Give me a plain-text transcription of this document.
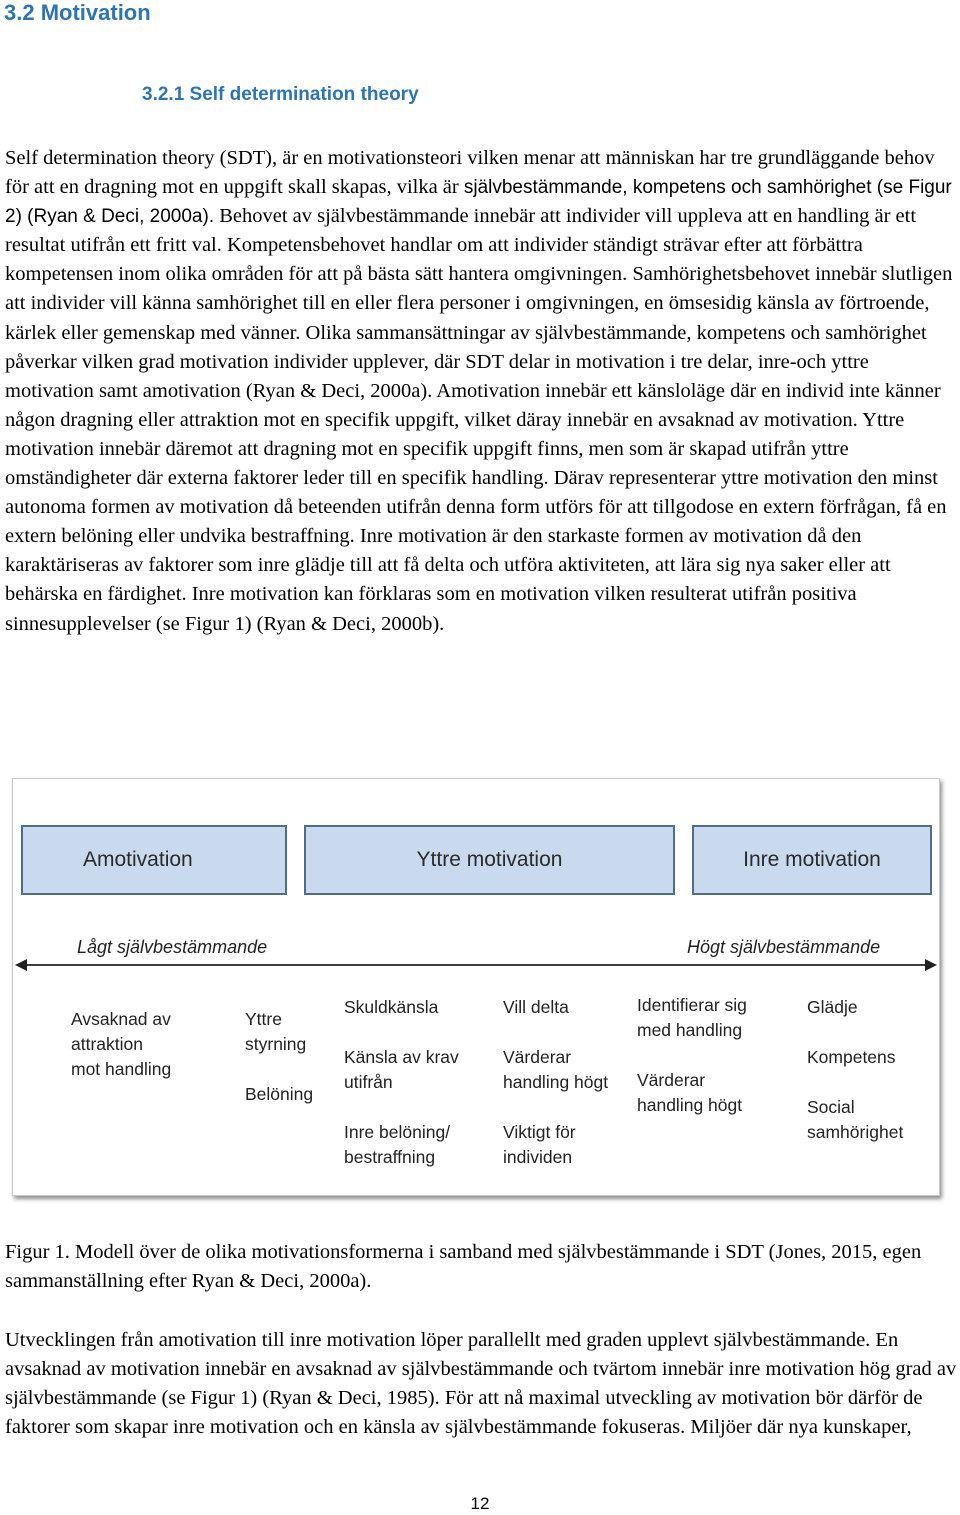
3.2 Motivation
3.2.1 Self determination theory

Self determination theory (SDT), är en motivationsteori vilken menar att människan har tre grundläggande behov för att en dragning mot en uppgift skall skapas, vilka är självbestämmande, kompetens och samhörighet (se Figur 2) (Ryan & Deci, 2000a). Behovet av självbestämmande innebär att individer vill uppleva att en handling är ett resultat utifrån ett fritt val. Kompetensbehovet handlar om att individer ständigt strävar efter att förbättra kompetensen inom olika områden för att på bästa sätt hantera omgivningen. Samhörighetsbehovet innebär slutligen att individer vill känna samhörighet till en eller flera personer i omgivningen, en ömsesidig känsla av förtroende, kärlek eller gemenskap med vänner. Olika sammansättningar av självbestämmande, kompetens och samhörighet påverkar vilken grad motivation individer upplever, där SDT delar in motivation i tre delar, inre-och yttre motivation samt amotivation (Ryan & Deci, 2000a). Amotivation innebär ett känsloläge där en individ inte känner någon dragning eller attraktion mot en specifik uppgift, vilket däray innebär en avsaknad av motivation. Yttre motivation innebär däremot att dragning mot en specifik uppgift finns, men som är skapad utifrån yttre omständigheter där externa faktorer leder till en specifik handling. Därav representerar yttre motivation den minst autonoma formen av motivation då beteenden utifrån denna form utförs för att tillgodose en extern förfrågan, få en extern belöning eller undvika bestraffning. Inre motivation är den starkaste formen av motivation då den karaktäriseras av faktorer som inre glädje till att få delta och utföra aktiviteten, att lära sig nya saker eller att behärska en färdighet. Inre motivation kan förklaras som en motivation vilken resulterat utifrån positiva sinnesupplevelser (se Figur 1) (Ryan & Deci, 2000b).

Amotivation	Yttre motivation	Inre motivation
Lågt självbestämmande	Högt självbestämmande
Avsaknad av
attraktion
mot handling
Yttre
styrning
Belöning
Skuldkänsla
Känsla av krav
utifrån
Inre belöning/
bestraffning
Vill delta
Värderar
handling högt
Viktigt för
individen
Identifierar sig
med handling
Värderar
handling högt
Glädje
Kompetens
Social
samhörighet

Figur 1. Modell över de olika motivationsformerna i samband med självbestämmande i SDT (Jones, 2015, egen sammanställning efter Ryan & Deci, 2000a).

Utvecklingen från amotivation till inre motivation löper parallellt med graden upplevt självbestämmande. En avsaknad av motivation innebär en avsaknad av självbestämmande och tvärtom innebär inre motivation hög grad av självbestämmande (se Figur 1) (Ryan & Deci, 1985). För att nå maximal utveckling av motivation bör därför de faktorer som skapar inre motivation och en känsla av självbestämmande fokuseras. Miljöer där nya kunskaper,

12
